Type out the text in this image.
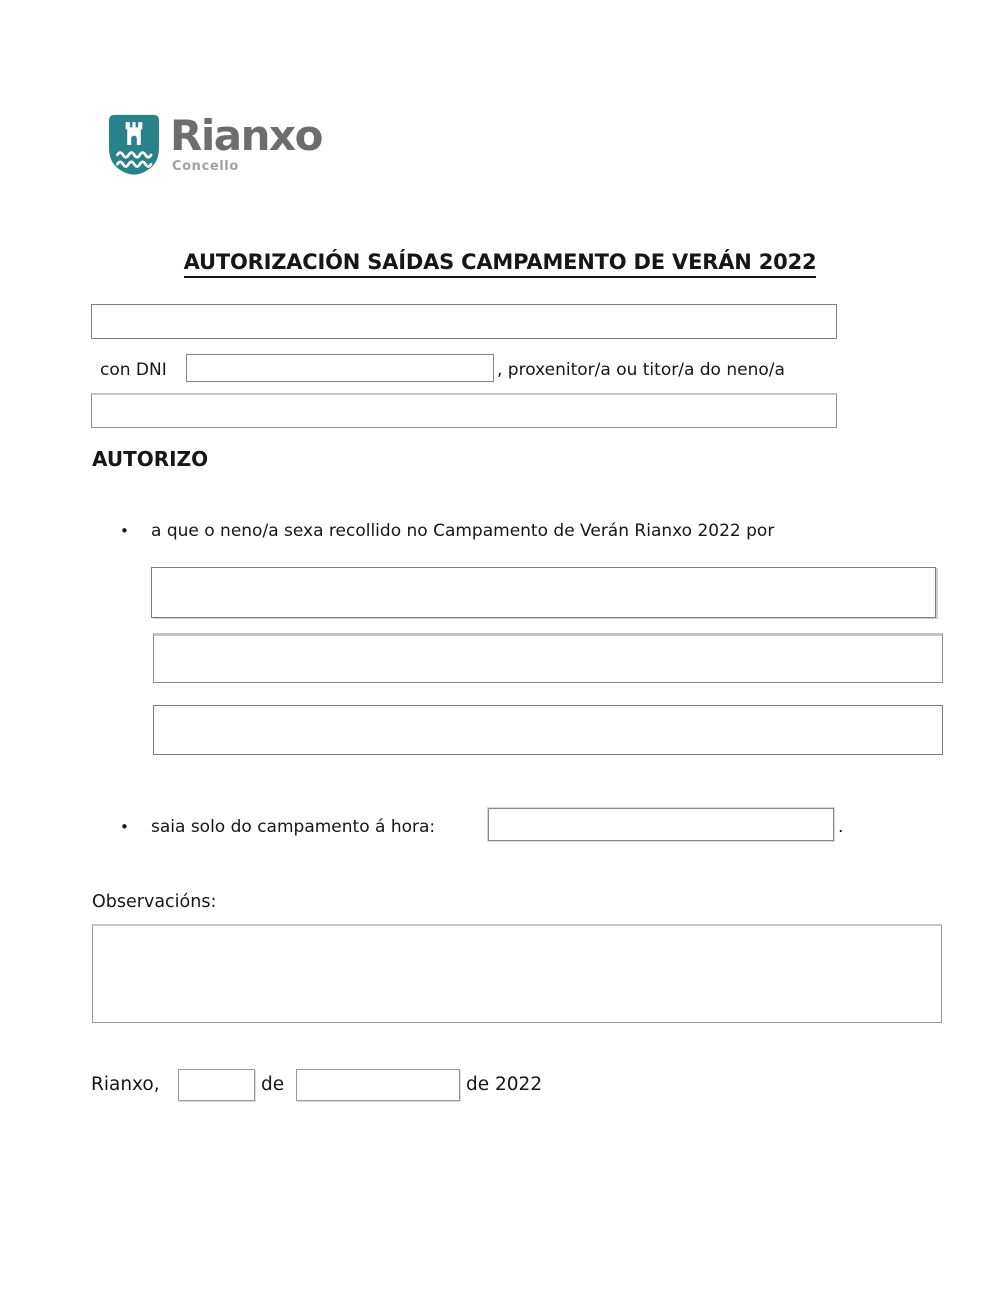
Rianxo
Concello
AUTORIZACIÓN SAÍDAS CAMPAMENTO DE VERÁN 2022
con DNI	, proxenitor/a ou titor/a do neno/a
AUTORIZO
• a que o neno/a sexa recollido no Campamento de Verán Rianxo 2022 por
• saia solo do campamento á hora:	.
Observacións:
Rianxo,	de	de 2022
